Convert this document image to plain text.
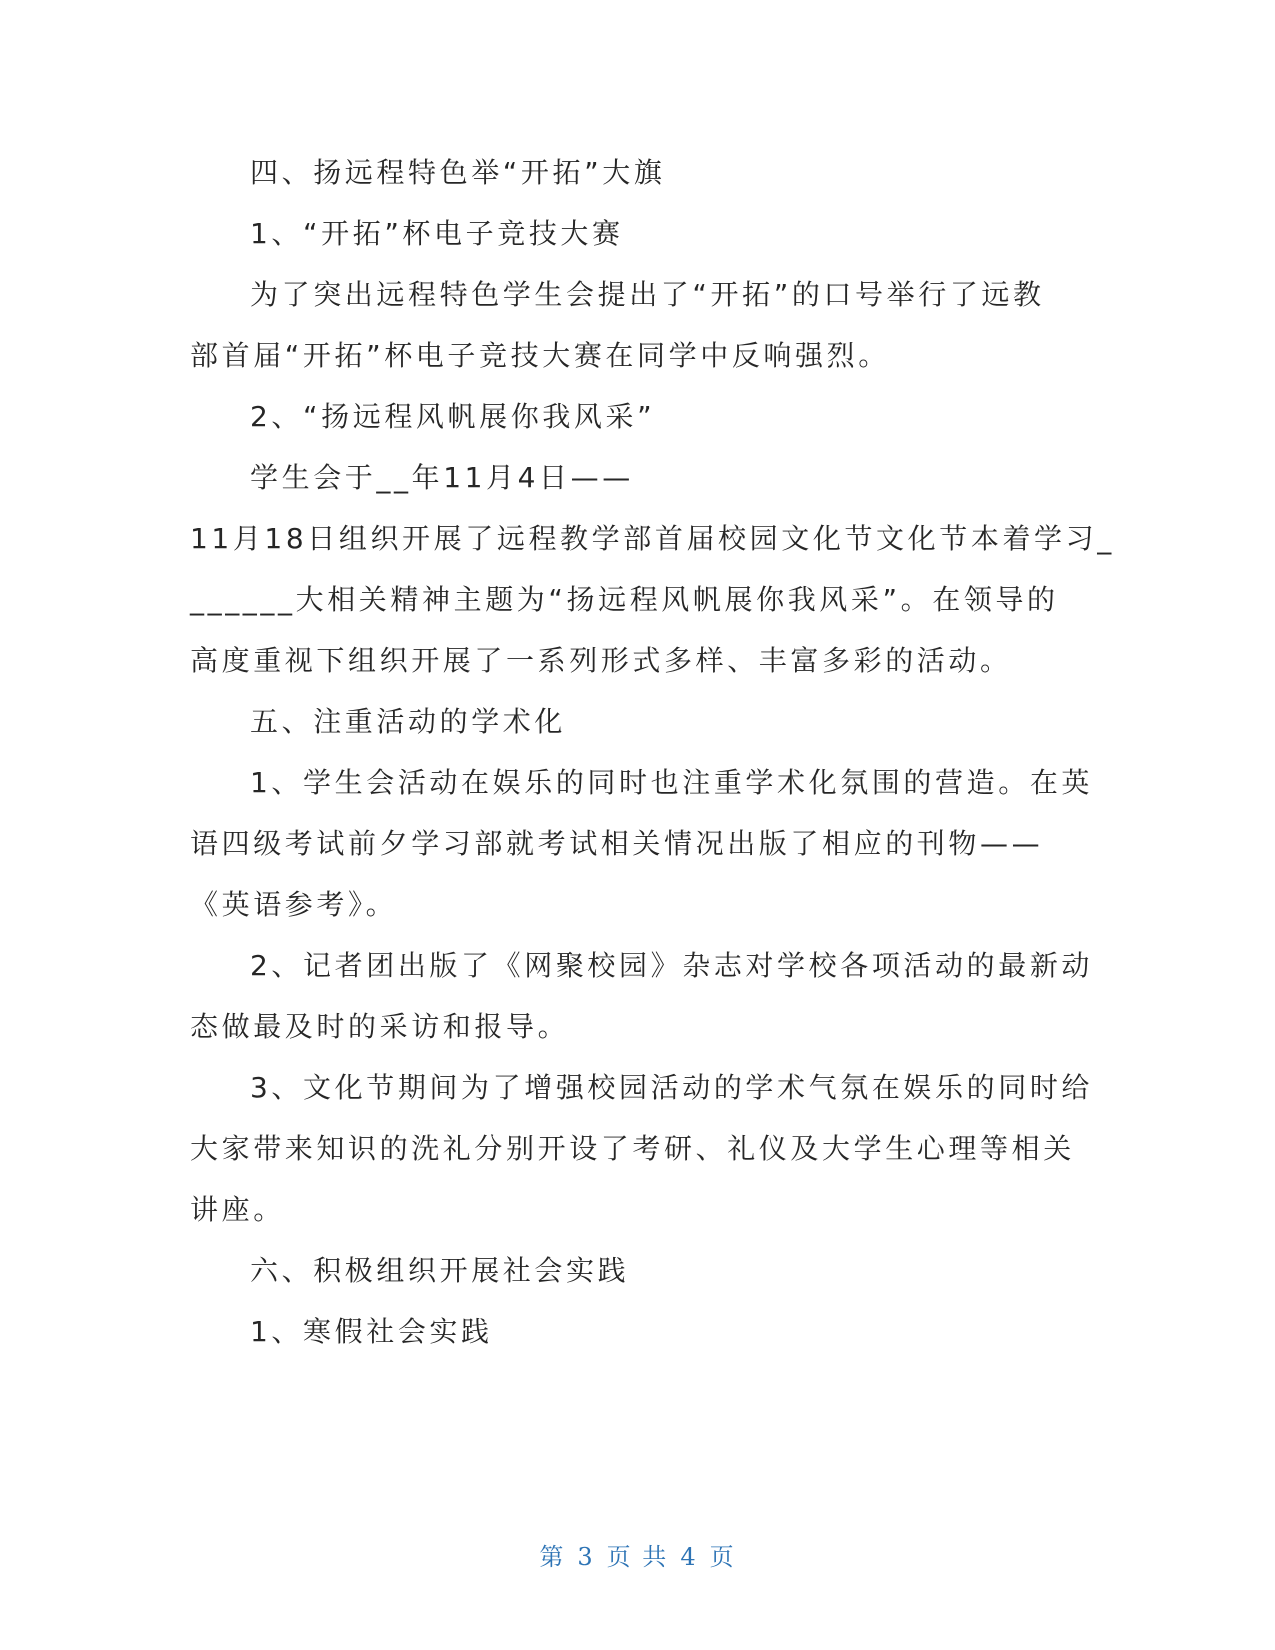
四、扬远程特色举“开拓”大旗
1、“开拓”杯电子竞技大赛
为了突出远程特色学生会提出了“开拓”的口号举行了远教
部首届“开拓”杯电子竞技大赛在同学中反响强烈。
2、“扬远程风帆展你我风采”
学生会于__年11月4日——
11月18日组织开展了远程教学部首届校园文化节文化节本着学习_
______大相关精神主题为“扬远程风帆展你我风采”。在领导的
高度重视下组织开展了一系列形式多样、丰富多彩的活动。
五、注重活动的学术化
1、学生会活动在娱乐的同时也注重学术化氛围的营造。在英
语四级考试前夕学习部就考试相关情况出版了相应的刊物——
《英语参考》。
2、记者团出版了《网聚校园》杂志对学校各项活动的最新动
态做最及时的采访和报导。
3、文化节期间为了增强校园活动的学术气氛在娱乐的同时给
大家带来知识的洗礼分别开设了考研、礼仪及大学生心理等相关
讲座。
六、积极组织开展社会实践
1、寒假社会实践
第 3 页 共 4 页
